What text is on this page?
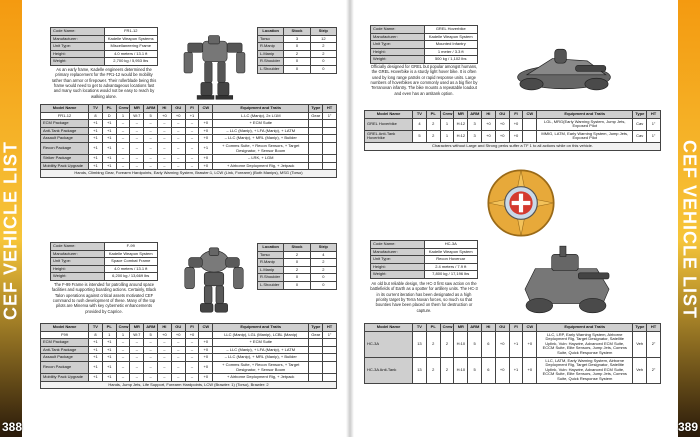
CEF VEHICLE LIST
388
Code Name:	FR1-12
Manufacturer:	Kadelle Weapon Systems
Unit Type:	Miscellaneering Frame
Height:	4.0 meters / 13.1 ft
Weight:	2,700 kg / 5,953 lbs
As an early frame, Kadelle engineers determined the primary replacement for the FR1-12 would be mobility rather than armor or firepower. Their rollerblade being this frame would need to get to advantageous locations fast and many such locations would not be easy to reach by walking alone.
Location	Stock	Strip
Torso	3	12
R.Manip	0	2
L.Manip	2	2
R.Shoulder	0	0
L.Shoulder	0	0
Model Name	TV	PL	Crew	MR	ARM	HI	GU	FI	CW	Equipment and Traits	Type	HT
FR1-12	8	D	1	W:7	5	+0	+0	+1		L.LC (Manip), 2x L/1M	Gear	1"
ECM Package	+1	+1	–	–	–	–	–	–	+0	+ ECM Suite		
Anti-Tank Package	+1	+1	–	–	–	–	–	–	+0	– LLC (Manip), + LFA (Manip), + LATM		
Assault Package	+1	+1	–	–	–	–	–	–	+0	– LLC (Manip), + MRL (Manip), + Builder		
Recon Package	+1	+1	–	–	–	–	–	–	+1	+ Comms Suite, + Recon Sensors, + Target Designator, + Sensor Boom		
Striker Package	+1	+1	–	–	–	–	–	–	+0	– LRK, + LGM		
Mobility Pack Upgrade	+1	+1	–	–	–	–	–	–	+0	+ Airborne Deployment Rig, + Jetpack		
Hands, Climbing Gear, Forearm Hardpoints, Early Warning System, Brawler:1, LCW (Link, Forearm) (Both Manips), MSG (Torso)												
Code Name:	F-99
Manufacturer:	Kadelle Weapon System
Unit Type:	Space Combat Frame
Height:	4.0 meters / 13.1 ft
Weight:	6,200 kg / 13,669 lbs
The F-99 Frame is intended for patrolling around space facilities and supporting boarding actions. Certainly, Black Talon operations against critical assets motivated CEF command to rush development of these. Many of the top pilots are Minerva with key cybernetic enhancements provided by Caprice.
Location	Stock	Strip
Torso	2	4
R.Manip	0	2
L.Manip	2	2
R.Shoulder	0	0
L.Shoulder	0	0
Model Name	TV	PL	Crew	MR	ARM	HI	GU	FI	CW	Equipment and Traits	Type	HT
F99	8	1	1	W:7	5	+0	+0	+0		LLC (Manip), LGL (Manip), LCBL (Manip)	Gear	1"
ECM Package	+1	+1	–	–	–	–	–	–	+0	+ ECM Suite		
Anti-Tank Package	+1	+1	–	–	–	–	–	–	+0	– LLC (Manip), + LFA (Manip), + LATM		
Assault Package	+1	+1	–	–	–	–	–	–	+0	– LLC (Manip), + MRL (Manip), + Builder		
Recon Package	+1	+1	–	–	–	–	–	–	+0	+ Comms Suite, + Recon Sensors, + Target Designator, + Sensor Boom		
Mobility Pack Upgrade	+1	+1	–	–	–	–	–	–	+0	+ Airborne Deployment Rig, + Jetpack		
Hands, Jump Jets, Life Support, Forearm Hardpoints, LCW (Brawler: 1) (Torso), Brawler: 2												
CEF VEHICLE LIST
389
Code Name:	GREL Hoverbike
Manufacturer:	Kadelle Weapon System
Unit Type:	Mounted Infantry
Height:	1 meter / 3.3 ft
Weight:	500 kg / 1,102 lbs
Officially designed for GREL but popular amongst humans, the GREL Hoverbike is a sturdy light hover bike. It is often used by long range patrols or rapid response units. Large numbers of hoverbikes are commonly used as a big flier by Terranovan infantry. The bike mounts a repeatable loadout and even has an antitank option.
Model Name	TV	PL	Crew	MR	ARM	HI	GU	FI	CW	Equipment and Traits	Type	HT
GREL Hoverbike	4	2	1	H:12	3	+0	+0	+0		LGL, MRG(Early Warning System, Jump Jets, Exposed Pilot	Cav	1"
GREL Anti-Tank Hoverbike	5	2	1	H:12	3	+0	+0	+0		MMIG, LATM, Early Warning System, Jump Jets, Exposed Pilot	Cav	1"
Characters without Large and Strong perks suffer a TF 1 to all actions while on this vehicle.												
Code Name:	HC-3A
Manufacturer:	Kadelle Weapon System
Unit Type:	Recon Hovercar
Height:	2.4 meters / 7.9 ft
Weight:	7,800 kg / 17,196 lbs
An old but reliable design, the HC-3 first saw action on the battlefields of Earth as a spotter for artillery units. The HC-3 in its current iteration has been designated as a high priority target by Terra Novan forces, so much so that bounties have been placed on them for destruction or capture.
Model Name	TV	PL	Crew	MR	ARM	HI	GU	FI	CW	Equipment and Traits	Type	HT
HC-3A	13	2	2	H:10	5	6	+0	+1	+0	LLC, LRP, Early Warning System, Airborne Deployment Rig, Target Designator, Satellite Uplink, Vuln: Haywire, Advanced ECM Suite, ECCM Suite, Elite Sensors, Jump Jets, Comms Suite, Quick Response System	Veh	2"
HC-3A Anti-Tank	13	2	2	H:10	5	6	+0	+1	+0	LLC, LATM, Early Warning System, Airborne Deployment Rig, Target Designator, Satellite Uplink, Vuln: Haywire, Advanced ECM Suite, ECCM Suite, Elite Sensors, Jump Jets, Comms Suite, Quick Response System	Veh	2"
